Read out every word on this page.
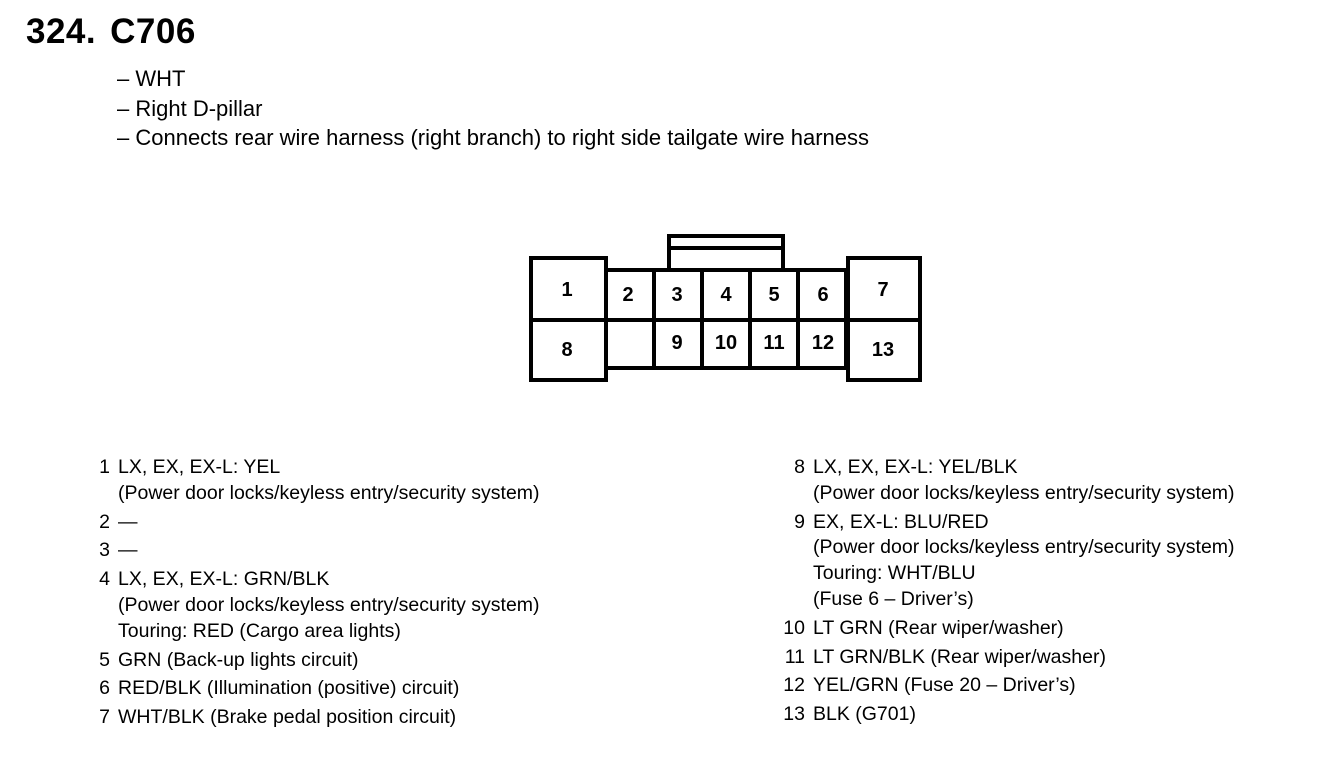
324. C706
– WHT
– Right D-pillar
– Connects rear wire harness (right branch) to right side tailgate wire harness
1 2 3 4 5 6 7
8	9 10 11 12 13
1 LX, EX, EX-L: YEL
(Power door locks/keyless entry/security system)
2 —
3 —
4 LX, EX, EX-L: GRN/BLK
(Power door locks/keyless entry/security system)
Touring: RED (Cargo area lights)
5 GRN (Back-up lights circuit)
6 RED/BLK (Illumination (positive) circuit)
7 WHT/BLK (Brake pedal position circuit)
8 LX, EX, EX-L: YEL/BLK
(Power door locks/keyless entry/security system)
9 EX, EX-L: BLU/RED
(Power door locks/keyless entry/security system)
Touring: WHT/BLU
(Fuse 6 – Driver’s)
10 LT GRN (Rear wiper/washer)
11 LT GRN/BLK (Rear wiper/washer)
12 YEL/GRN (Fuse 20 – Driver’s)
13 BLK (G701)
